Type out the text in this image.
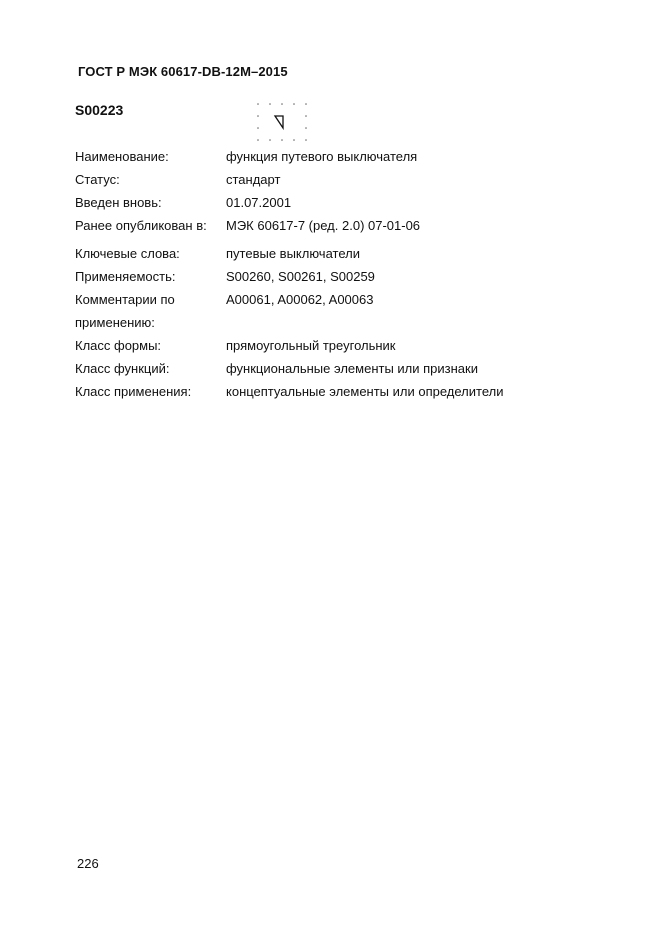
ГОСТ Р МЭК 60617-DB-12M–2015
S00223
Наименование:	функция путевого выключателя
Статус:	стандарт
Введен вновь:	01.07.2001
Ранее опубликован в:	МЭК 60617-7 (ред. 2.0) 07-01-06
Ключевые слова:	путевые выключатели
Применяемость:	S00260, S00261, S00259
Комментарии по
применению:
A00061, A00062, A00063
Класс формы:	прямоугольный треугольник
Класс функций:	функциональные элементы или признаки
Класс применения:	концептуальные элементы или определители
226
